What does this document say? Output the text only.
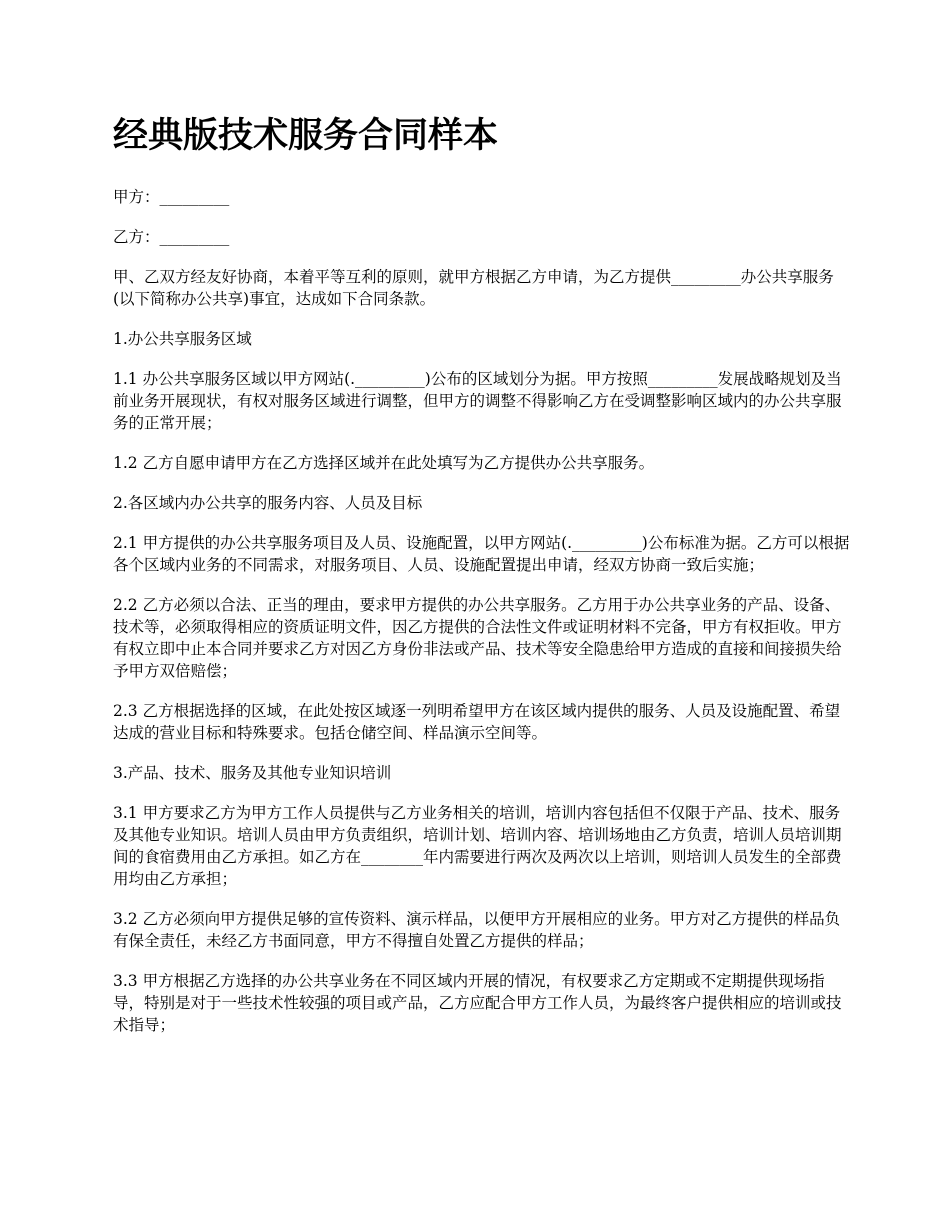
经典版技术服务合同样本

甲方：_________

乙方：_________

甲、乙双方经友好协商，本着平等互利的原则，就甲方根据乙方申请，为乙方提供_________办公共享服务(以下简称办公共享)事宜，达成如下合同条款。

1.办公共享服务区域

1.1 办公共享服务区域以甲方网站(._________)公布的区域划分为据。甲方按照_________发展战略规划及当前业务开展现状，有权对服务区域进行调整，但甲方的调整不得影响乙方在受调整影响区域内的办公共享服务的正常开展；

1.2 乙方自愿申请甲方在乙方选择区域并在此处填写为乙方提供办公共享服务。

2.各区域内办公共享的服务内容、人员及目标

2.1 甲方提供的办公共享服务项目及人员、设施配置，以甲方网站(._________)公布标准为据。乙方可以根据各个区域内业务的不同需求，对服务项目、人员、设施配置提出申请，经双方协商一致后实施；

2.2 乙方必须以合法、正当的理由，要求甲方提供的办公共享服务。乙方用于办公共享业务的产品、设备、技术等，必须取得相应的资质证明文件，因乙方提供的合法性文件或证明材料不完备，甲方有权拒收。甲方有权立即中止本合同并要求乙方对因乙方身份非法或产品、技术等安全隐患给甲方造成的直接和间接损失给予甲方双倍赔偿；

2.3 乙方根据选择的区域，在此处按区域逐一列明希望甲方在该区域内提供的服务、人员及设施配置、希望达成的营业目标和特殊要求。包括仓储空间、样品演示空间等。

3.产品、技术、服务及其他专业知识培训

3.1 甲方要求乙方为甲方工作人员提供与乙方业务相关的培训，培训内容包括但不仅限于产品、技术、服务及其他专业知识。培训人员由甲方负责组织，培训计划、培训内容、培训场地由乙方负责，培训人员培训期间的食宿费用由乙方承担。如乙方在________年内需要进行两次及两次以上培训，则培训人员发生的全部费用均由乙方承担；

3.2 乙方必须向甲方提供足够的宣传资料、演示样品，以便甲方开展相应的业务。甲方对乙方提供的样品负有保全责任，未经乙方书面同意，甲方不得擅自处置乙方提供的样品；

3.3 甲方根据乙方选择的办公共享业务在不同区域内开展的情况，有权要求乙方定期或不定期提供现场指导，特别是对于一些技术性较强的项目或产品，乙方应配合甲方工作人员，为最终客户提供相应的培训或技术指导；
